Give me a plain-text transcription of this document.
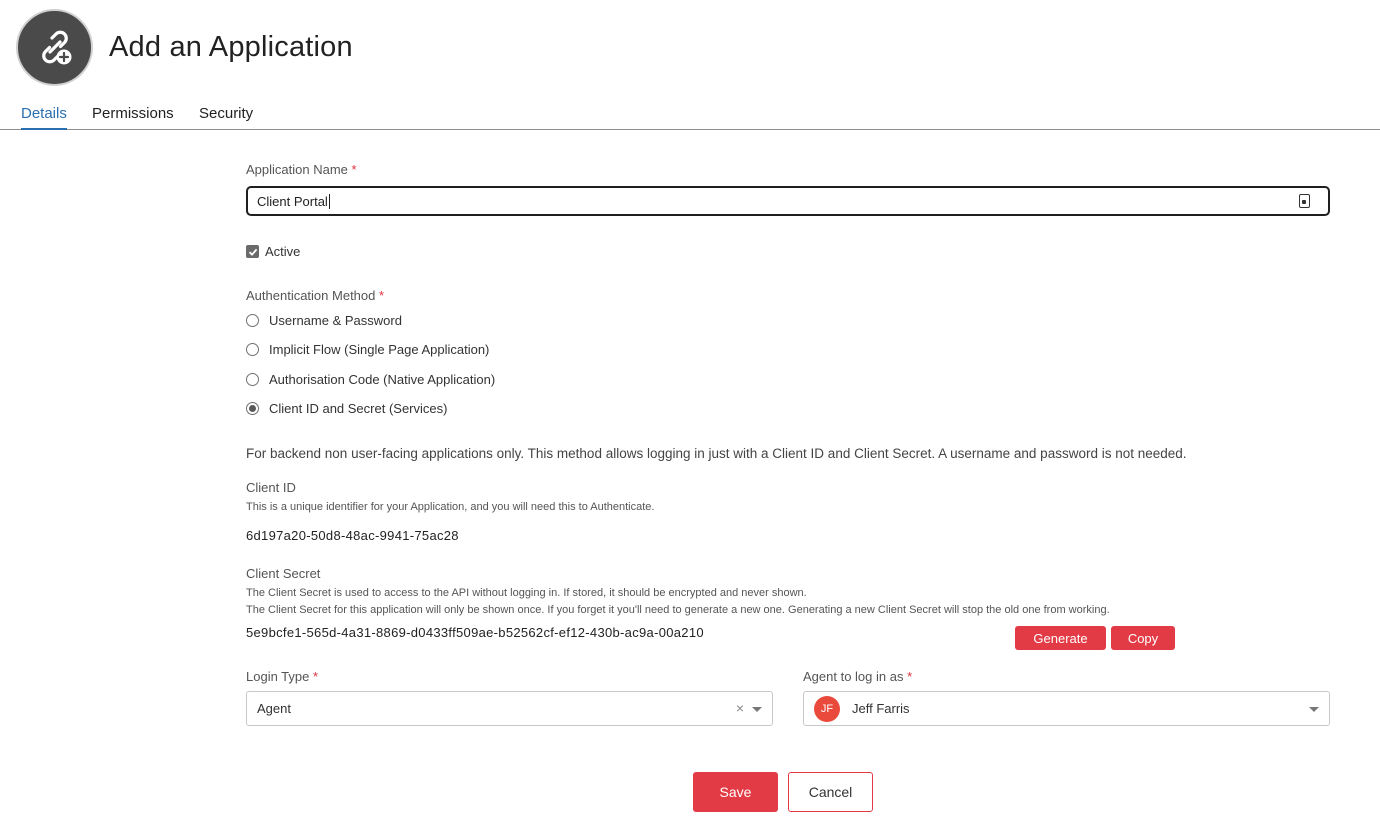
Add an Application
Details Permissions Security
Application Name *
Client Portal
Active
Authentication Method *
Username & Password
Implicit Flow (Single Page Application)
Authorisation Code (Native Application)
Client ID and Secret (Services)
For backend non user-facing applications only. This method allows logging in just with a Client ID and Client Secret. A username and password is not needed.
Client ID
This is a unique identifier for your Application, and you will need this to Authenticate.
6d197a20-50d8-48ac-9941-75ac28
Client Secret
The Client Secret is used to access to the API without logging in. If stored, it should be encrypted and never shown.
The Client Secret for this application will only be shown once. If you forget it you'll need to generate a new one. Generating a new Client Secret will stop the old one from working.
5e9bcfe1-565d-4a31-8869-d0433ff509ae-b52562cf-ef12-430b-ac9a-00a210	Generate	Copy
Login Type *
Agent	×
Agent to log in as *
JF	Jeff Farris
Save	Cancel
